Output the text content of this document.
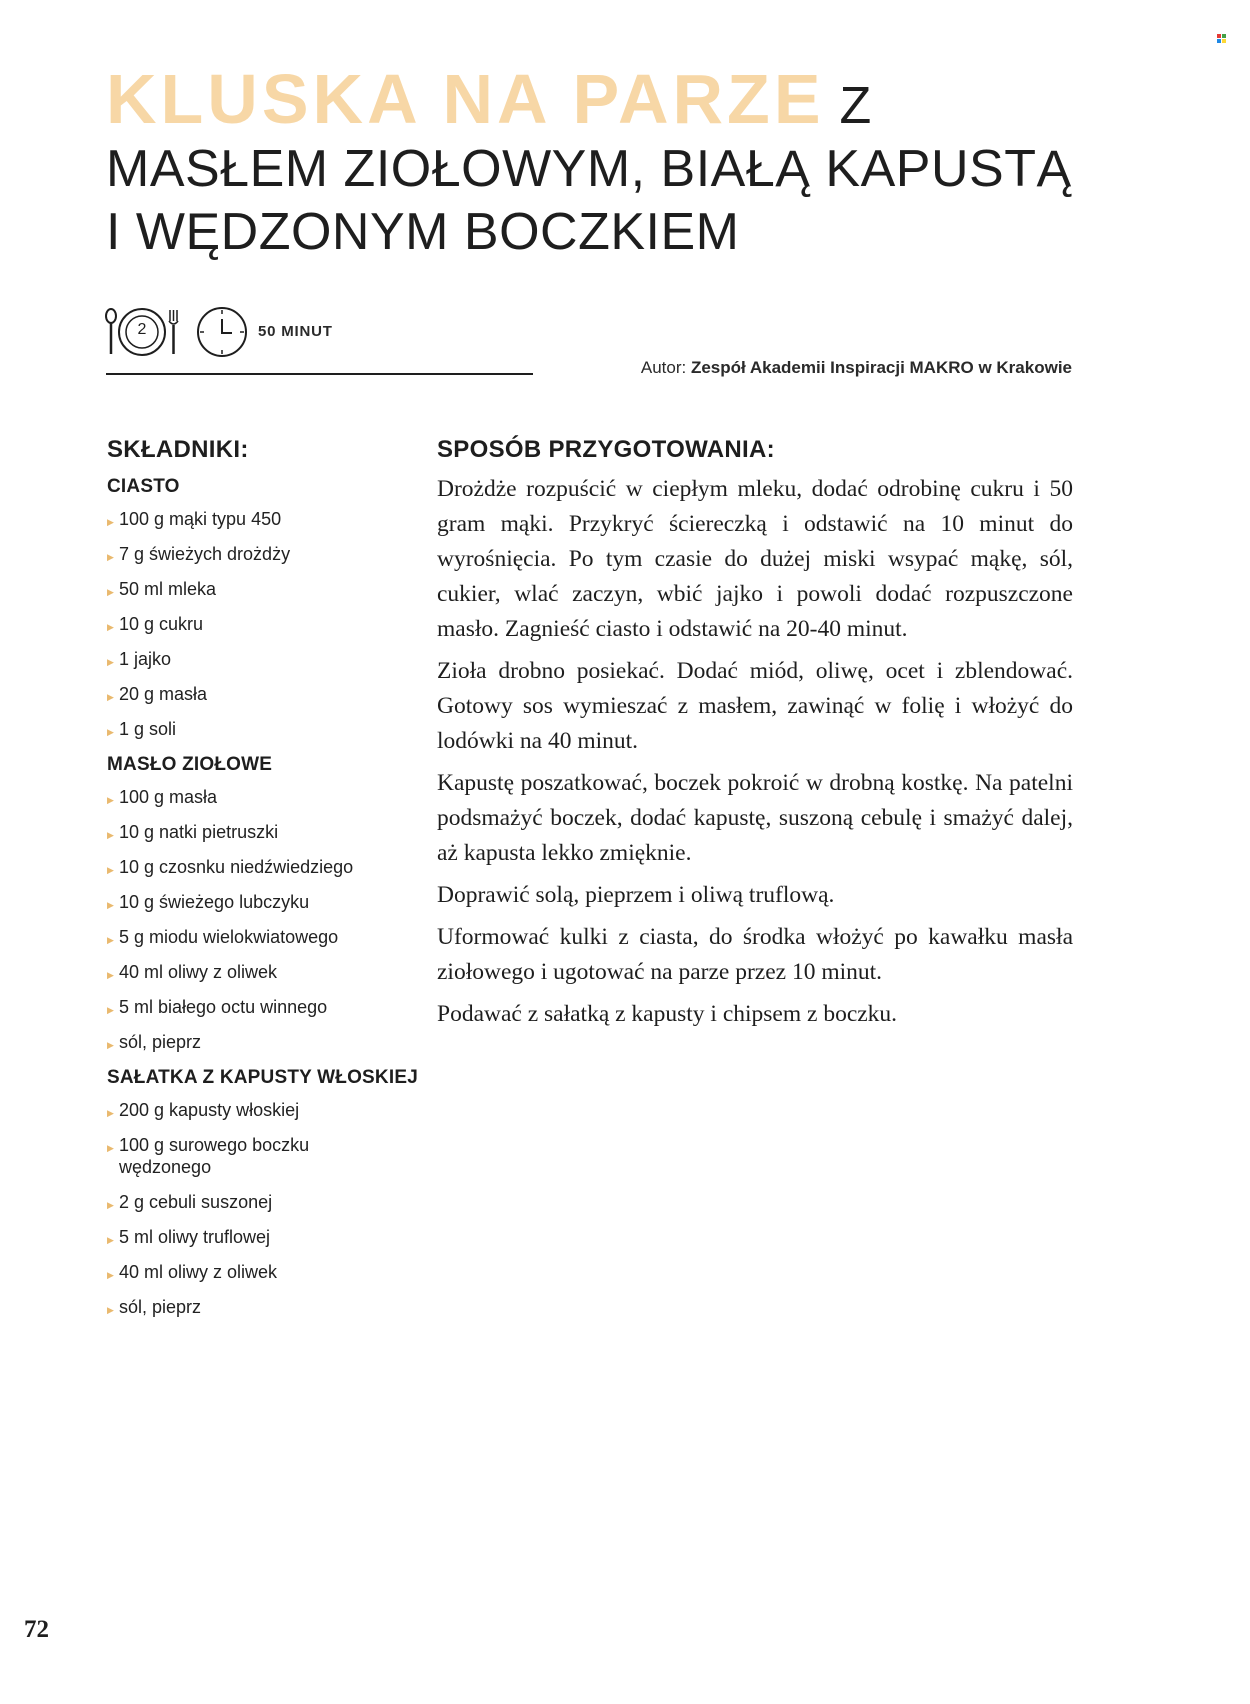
KLUSKA NA PARZE Z MASŁEM ZIOŁOWYM, BIAŁĄ KAPUSTĄ I WĘDZONYM BOCZKIEM
2	50 MINUT
Autor: Zespół Akademii Inspiracji MAKRO w Krakowie
SKŁADNIKI:
CIASTO
▶ 100 g mąki typu 450
▶ 7 g świeżych drożdży
▶ 50 ml mleka
▶ 10 g cukru
▶ 1 jajko
▶ 20 g masła
▶ 1 g soli
MASŁO ZIOŁOWE
▶ 100 g masła
▶ 10 g natki pietruszki
▶ 10 g czosnku niedźwiedziego
▶ 10 g świeżego lubczyku
▶ 5 g miodu wielokwiatowego
▶ 40 ml oliwy z oliwek
▶ 5 ml białego octu winnego
▶ sól, pieprz
SAŁATKA Z KAPUSTY WŁOSKIEJ
▶ 200 g kapusty włoskiej
▶ 100 g surowego boczku wędzonego
▶ 2 g cebuli suszonej
▶ 5 ml oliwy truflowej
▶ 40 ml oliwy z oliwek
▶ sól, pieprz
SPOSÓB PRZYGOTOWANIA:

Drożdże rozpuścić w ciepłym mleku, dodać odrobinę cukru i 50 gram mąki. Przykryć ściereczką i odstawić na 10 minut do wyrośnięcia. Po tym czasie do dużej miski wsypać mąkę, sól, cukier, wlać zaczyn, wbić jajko i powoli dodać rozpuszczone masło. Zagnieść ciasto i odstawić na 20-40 minut.

Zioła drobno posiekać. Dodać miód, oliwę, ocet i zblendować. Gotowy sos wymieszać z masłem, zawinąć w folię i włożyć do lodówki na 40 minut.

Kapustę poszatkować, boczek pokroić w drobną kostkę. Na patelni podsmażyć boczek, dodać kapustę, suszoną cebulę i smażyć dalej, aż kapusta lekko zmięknie.

Doprawić solą, pieprzem i oliwą truflową.

Uformować kulki z ciasta, do środka włożyć po kawałku masła ziołowego i ugotować na parze przez 10 minut.

Podawać z sałatką z kapusty i chipsem z boczku.

72
